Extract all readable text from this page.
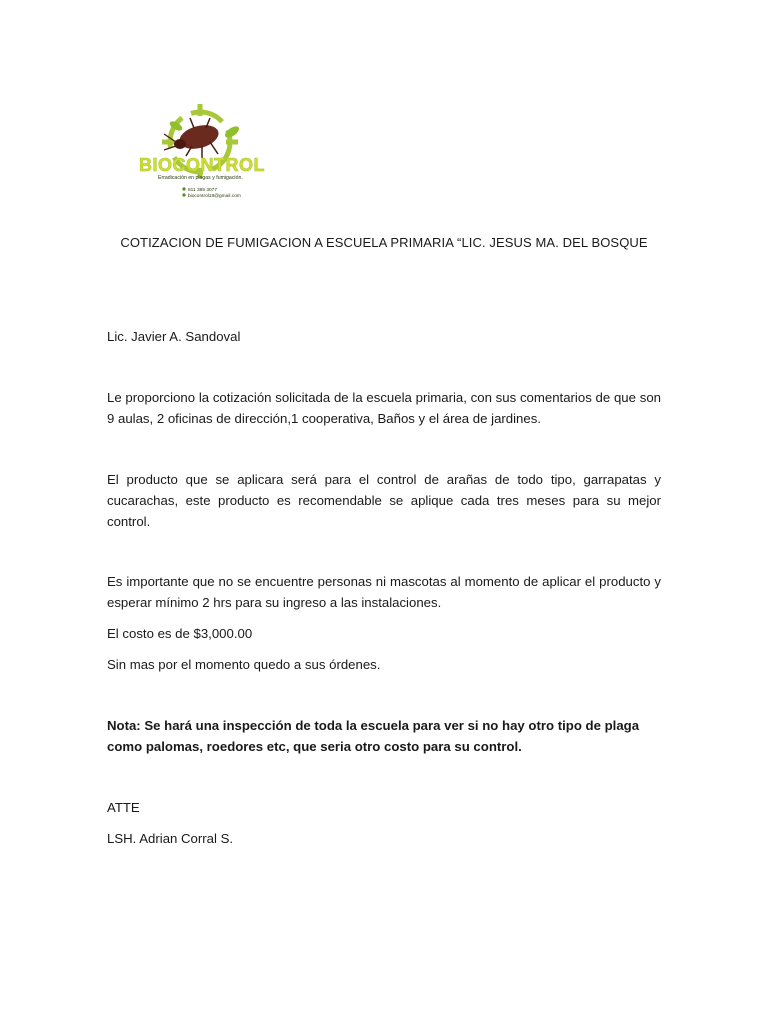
BIOCONTROL
Erradicación en plagas y fumigación.
811 385 3077
biocontrol18@gmail.com
COTIZACION DE FUMIGACION A ESCUELA PRIMARIA “LIC. JESUS MA. DEL BOSQUE

Lic. Javier A. Sandoval

Le proporciono la cotización solicitada de la escuela primaria, con sus comentarios de que son 9 aulas, 2 oficinas de dirección,1 cooperativa, Baños y el área de jardines.

El producto que se aplicara será para el control de arañas de todo tipo, garrapatas y cucarachas, este producto es recomendable se aplique cada tres meses para su mejor control.

Es importante que no se encuentre personas ni mascotas al momento de aplicar el producto y esperar mínimo 2 hrs para su ingreso a las instalaciones.

El costo es de $3,000.00

Sin mas por el momento quedo a sus órdenes.

Nota: Se hará una inspección de toda la escuela para ver si no hay otro tipo de plaga como palomas, roedores etc, que seria otro costo para su control.

ATTE

LSH. Adrian Corral S.
